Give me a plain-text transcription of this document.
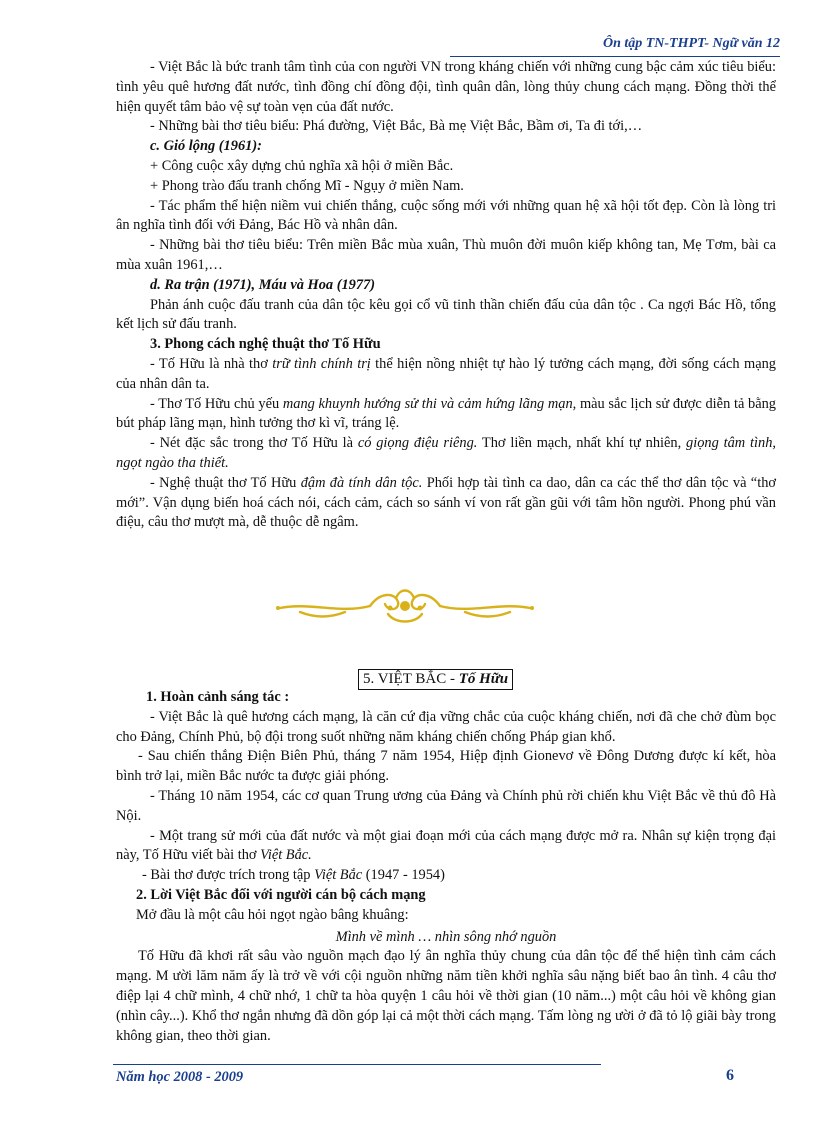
Ôn tập TN-THPT- Ngữ văn 12

- Việt Bắc là bức tranh tâm tình của con người VN trong kháng chiến với những cung bậc cảm xúc tiêu biểu: tình yêu quê hương đất nước, tình đồng chí đồng đội, tình quân dân, lòng thủy chung cách mạng. Đồng thời thể hiện quyết tâm bảo vệ sự toàn vẹn của đất nước.

- Những bài thơ tiêu biểu: Phá đường, Việt Bắc, Bà mẹ Việt Bắc, Bầm ơi, Ta đi tới,…

c. Gió lộng (1961):

+ Công cuộc xây dựng chủ nghĩa xã hội ở miền Bắc.

+ Phong trào đấu tranh chống Mĩ - Ngụy ở miền Nam.

- Tác phẩm thể hiện niềm vui chiến thắng, cuộc sống mới với những quan hệ xã hội tốt đẹp. Còn là lòng tri ân nghĩa tình đối với Đảng, Bác Hồ và nhân dân.

- Những bài thơ tiêu biểu: Trên miền Bắc mùa xuân, Thù muôn đời muôn kiếp không tan, Mẹ Tơm, bài ca mùa xuân 1961,…

d. Ra trận (1971), Máu và Hoa (1977)

Phản ánh cuộc đấu tranh của dân tộc kêu gọi cổ vũ tinh thần chiến đấu của dân tộc . Ca ngợi Bác Hồ, tổng kết lịch sử đấu tranh.

3. Phong cách nghệ thuật thơ Tố Hữu

- Tố Hữu là nhà thơ trữ tình chính trị thể hiện nồng nhiệt tự hào lý tưởng cách mạng, đời sống cách mạng của nhân dân ta.

- Thơ Tố Hữu chủ yếu mang khuynh hướng sử thi và cảm hứng lãng mạn, màu sắc lịch sử được diễn tả bằng bút pháp lãng mạn, hình tưởng thơ kì vĩ, tráng lệ.

- Nét đặc sắc trong thơ Tố Hữu là có giọng điệu riêng. Thơ liền mạch, nhất khí tự nhiên, giọng tâm tình, ngọt ngào tha thiết.

- Nghệ thuật thơ Tố Hữu đậm đà tính dân tộc. Phối hợp tài tình ca dao, dân ca các thể thơ dân tộc và “thơ mới”. Vận dụng biến hoá cách nói, cách cảm, cách so sánh ví von rất gần gũi với tâm hồn người. Phong phú vần điệu, câu thơ mượt mà, dễ thuộc dễ ngâm.

5. VIỆT BẮC - Tố Hữu

1. Hoàn cảnh sáng tác :

- Việt Bắc là quê hương cách mạng, là căn cứ địa vững chắc của cuộc kháng chiến, nơi đã che chở đùm bọc cho Đảng, Chính Phủ, bộ đội trong suốt những năm kháng chiến chống Pháp gian khổ.

- Sau chiến thắng Điện Biên Phủ, tháng 7 năm 1954, Hiệp định Gionevơ về Đông Dương được kí kết, hòa bình trở lại, miền Bắc nước ta được giải phóng.

- Tháng 10 năm 1954, các cơ quan Trung ương của Đảng và Chính phủ rời chiến khu Việt Bắc về thủ đô Hà Nội.

- Một trang sử mới của đất nước và một giai đoạn mới của cách mạng được mở ra. Nhân sự kiện trọng đại này, Tố Hữu viết bài thơ Việt Bắc.

- Bài thơ được trích trong tập Việt Bắc (1947 - 1954)

2. Lời Việt Bắc đối với người cán bộ cách mạng

Mở đầu là một câu hỏi ngọt ngào bâng khuâng:

Mình về mình … nhìn sông nhớ nguồn

Tố Hữu đã khơi rất sâu vào nguồn mạch đạo lý ân nghĩa thủy chung của dân tộc để thể hiện tình cảm cách mạng. M ười lăm năm ấy là trở về với cội nguồn những năm tiền khởi nghĩa sâu nặng biết bao ân tình. 4 câu thơ điệp lại 4 chữ mình, 4 chữ nhớ, 1 chữ ta hòa quyện 1 câu hỏi về thời gian (10 năm...) một câu hỏi về không gian (nhìn cây...). Khổ thơ ngắn nhưng đã dồn góp lại cả một thời cách mạng. Tấm lòng ng ười ở đã tỏ lộ giãi bày trong không gian, theo thời gian.

Năm học 2008 - 2009	6
